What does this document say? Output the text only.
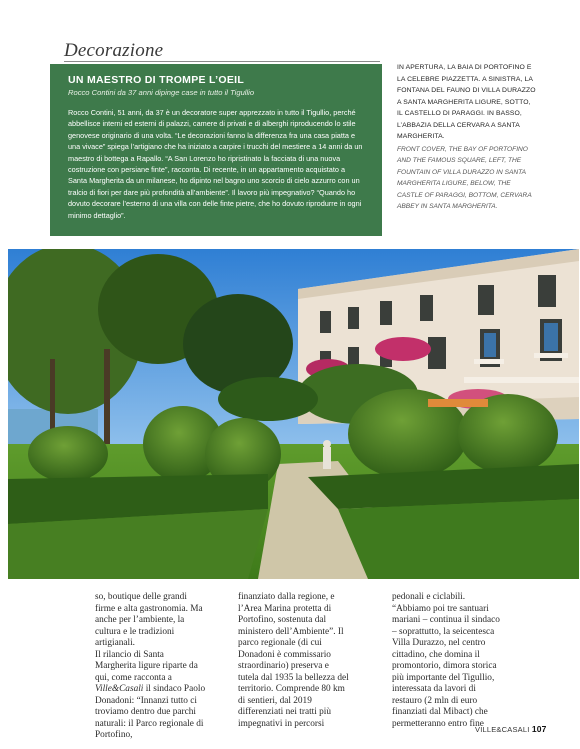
Decorazione
UN MAESTRO DI TROMPE L’OEIL
Rocco Contini da 37 anni dipinge case in tutto il Tigullio
Rocco Contini, 51 anni, da 37 è un decoratore super apprezzato in tutto il Tigullio, perché abbellisce interni ed esterni di palazzi, camere di privati e di alberghi riproducendo lo stile genovese originario di una volta. “Le decorazioni fanno la differenza fra una casa piatta e una vivace” spiega l’artigiano che ha iniziato a carpire i trucchi del mestiere a 14 anni da un maestro di bottega a Rapallo. “A San Lorenzo ho ripristinato la facciata di una nuova costruzione con persiane finte”, racconta. Di recente, in un appartamento acquistato a Santa Margherita da un milanese, ho dipinto nel bagno uno scorcio di cielo azzurro con un tralcio di fiori per dare più profondità all’ambiente”. Il lavoro più impegnativo? “Quando ho dovuto decorare l’esterno di una villa con delle finte pietre, che ho dovuto riprodurre in ogni minimo dettaglio”.
IN APERTURA, LA BAIA DI PORTOFINO E LA CELEBRE PIAZZETTA. A SINISTRA, LA FONTANA DEL FAUNO DI VILLA DURAZZO A SANTA MARGHERITA LIGURE, SOTTO, IL CASTELLO DI PARAGGI. IN BASSO, L’ABBAZIA DELLA CERVARA A SANTA MARGHERITA.
FRONT COVER, THE BAY OF PORTOFINO AND THE FAMOUS SQUARE, LEFT, THE FOUNTAIN OF VILLA DURAZZO IN SANTA MARGHERITA LIGURE, BELOW, THE CASTLE OF PARAGGI, BOTTOM, CERVARA ABBEY IN SANTA MARGHERITA.

so, boutique delle grandi firme e alta gastronomia. Ma anche per l’ambiente, la cultura e le tradizioni artigianali.

Il rilancio di Santa Margherita ligure riparte da qui, come racconta a Ville&Casali il sindaco Paolo Donadoni: “Innanzi tutto ci troviamo dentro due parchi naturali: il Parco regionale di Portofino,

finanziato dalla regione, e l’Area Marina protetta di Portofino, sostenuta dal ministero dell’Ambiente”. Il parco regionale (di cui Donadoni è commissario straordinario) preserva e tutela dal 1935 la bellezza del territorio. Comprende 80 km di sentieri, dal 2019 differenziati nei tratti più impegnativi in percorsi

pedonali e ciclabili. “Abbiamo poi tre santuari mariani – continua il sindaco – soprattutto, la seicentesca Villa Durazzo, nel centro cittadino, che domina il promontorio, dimora storica più importante del Tigullio, interessata da lavori di restauro (2 mln di euro finanziati dal Mibact) che permetteranno entro fine

VILLE&CASALI 107
